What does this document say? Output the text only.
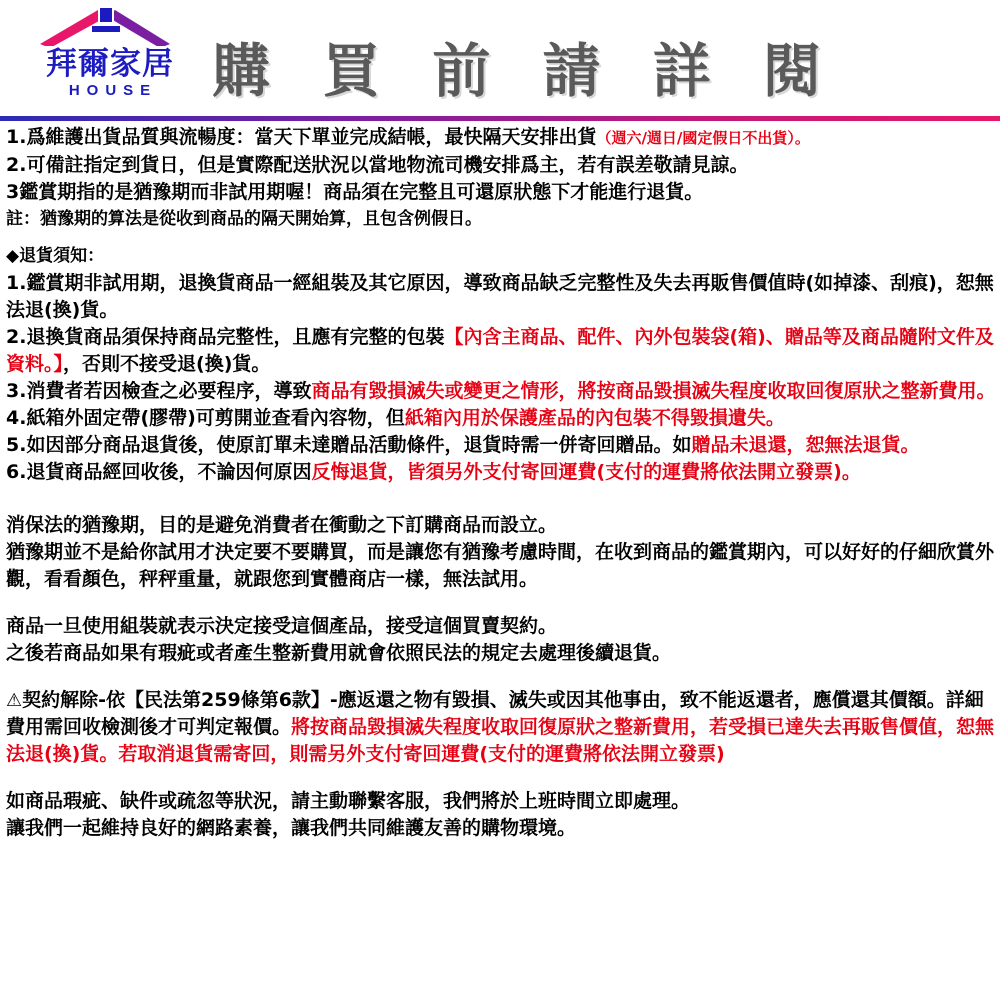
拜爾家居
HOUSE 購 買 前 請 詳 閱
1.爲維護出貨品質與流暢度：當天下單並完成結帳，最快隔天安排出貨（週六/週日/國定假日不出貨）。
2.可備註指定到貨日，但是實際配送狀況以當地物流司機安排爲主，若有誤差敬請見諒。
3鑑賞期指的是猶豫期而非試用期喔！商品須在完整且可還原狀態下才能進行退貨。
註：猶豫期的算法是從收到商品的隔天開始算，且包含例假日。
◆退貨須知：
1.鑑賞期非試用期，退換貨商品一經組裝及其它原因，導致商品缺乏完整性及失去再販售價值時(如掉漆、刮痕)，恕無法退(換)貨。
2.退換貨商品須保持商品完整性，且應有完整的包裝【內含主商品、配件、內外包裝袋(箱)、贈品等及商品隨附文件及資料。】，否則不接受退(換)貨。
3.消費者若因檢查之必要程序，導致商品有毀損滅失或變更之情形，將按商品毀損滅失程度收取回復原狀之整新費用。
4.紙箱外固定帶(膠帶)可剪開並查看內容物，但紙箱內用於保護產品的內包裝不得毀損遺失。
5.如因部分商品退貨後，使原訂單未達贈品活動條件，退貨時需一併寄回贈品。如贈品未退還，恕無法退貨。
6.退貨商品經回收後，不論因何原因反悔退貨，皆須另外支付寄回運費(支付的運費將依法開立發票)。
消保法的猶豫期，目的是避免消費者在衝動之下訂購商品而設立。
猶豫期並不是給你試用才決定要不要購買，而是讓您有猶豫考慮時間，在收到商品的鑑賞期內，可以好好的仔細欣賞外觀，看看顏色，秤秤重量，就跟您到實體商店一樣，無法試用。
商品一旦使用組裝就表示決定接受這個產品，接受這個買賣契約。
之後若商品如果有瑕疵或者產生整新費用就會依照民法的規定去處理後續退貨。
⚠契約解除-依【民法第259條第6款】-應返還之物有毀損、滅失或因其他事由，致不能返還者，應償還其價額。詳細費用需回收檢測後才可判定報價。將按商品毀損滅失程度收取回復原狀之整新費用，若受損已達失去再販售價值，恕無法退(換)貨。若取消退貨需寄回，則需另外支付寄回運費(支付的運費將依法開立發票)
如商品瑕疵、缺件或疏忽等狀況，請主動聯繫客服，我們將於上班時間立即處理。
讓我們一起維持良好的網路素養，讓我們共同維護友善的購物環境。
